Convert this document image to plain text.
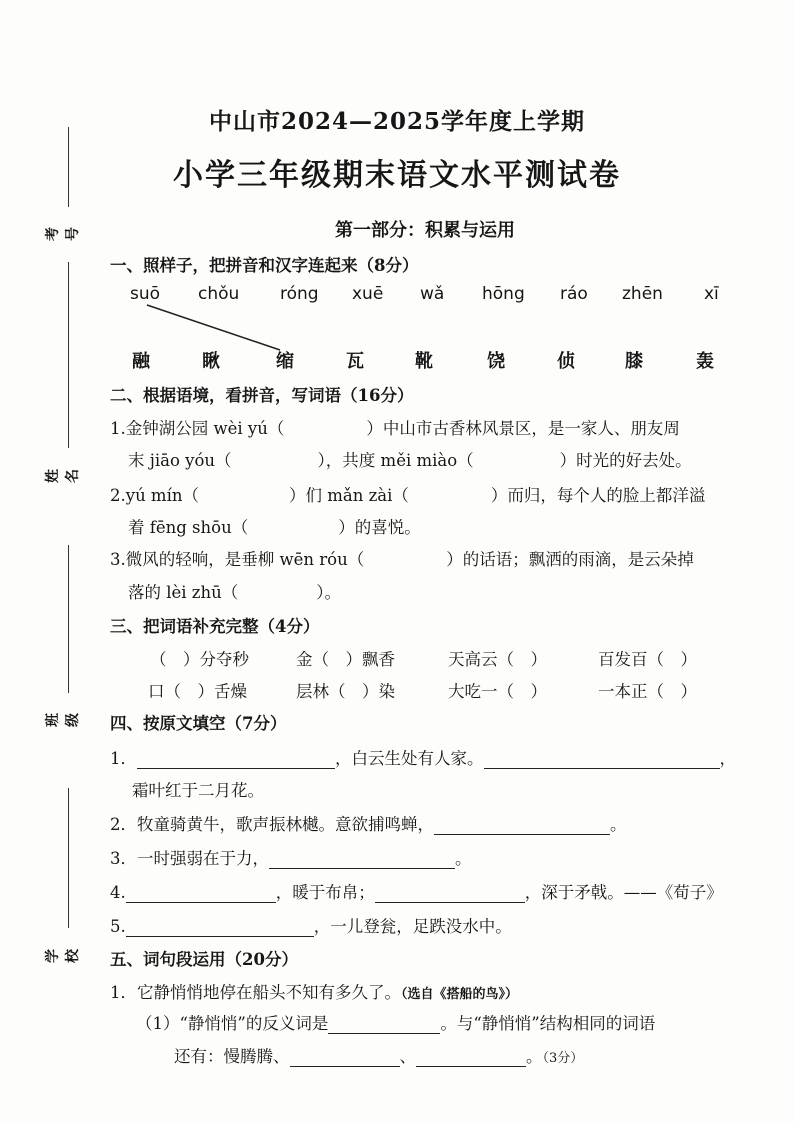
考号
姓名
班级
学校
中山市2024—2025学年度上学期
小学三年级期末语文水平测试卷
第一部分：积累与运用
一、照样子，把拼音和汉字连起来（8分）
suō chǒu róng xuē wǎ hōng ráo zhēn xī
融	瞅	缩	瓦	靴	饶	侦	膝	轰
二、根据语境，看拼音，写词语（16分）
1.金钟湖公园 wèi yú（	）中山市古香林风景区，是一家人、朋友周
末 jiāo yóu（	），共度 měi miào（	）时光的好去处。
2.yú mín（	）们 mǎn zài（	）而归，每个人的脸上都洋溢
着 fēng shōu（	）的喜悦。
3.微风的轻响，是垂柳 wēn róu（	）的话语；飘洒的雨滴，是云朵掉
落的 lèi zhū（	）。
三、把词语补充完整（4分）
（　）分夺秒	金（　）飘香	天高云（　）	百发百（　）
口（　）舌燥	层林（　）染	大吃一（　）	一本正（　）
四、按原文填空（7分）
1．	，白云生处有人家。	，
霜叶红于二月花。
2．牧童骑黄牛，歌声振林樾。意欲捕鸣蝉，	。
3．一时强弱在于力，	。
4.	，暖于布帛；	，深于矛戟。——《荀子》
5.	，一儿登瓮，足跌没水中。
五、词句段运用（20分）
1．它静悄悄地停在船头不知有多久了。（选自《搭船的鸟》）
（1）“静悄悄”的反义词是	。与“静悄悄”结构相同的词语
还有：慢腾腾、	、	。（3分）
